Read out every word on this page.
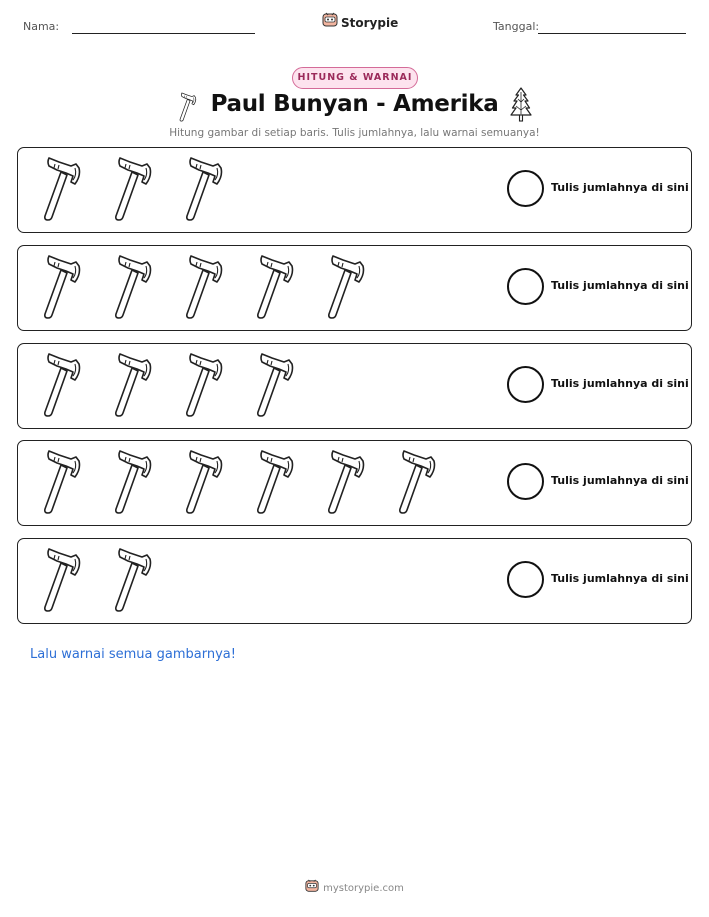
Nama:	Storypie	Tanggal:
HITUNG & WARNAI
Paul Bunyan - Amerika
Hitung gambar di setiap baris. Tulis jumlahnya, lalu warnai semuanya!
Tulis jumlahnya di sini
Tulis jumlahnya di sini
Tulis jumlahnya di sini
Tulis jumlahnya di sini
Tulis jumlahnya di sini
Lalu warnai semua gambarnya!
mystorypie.com
